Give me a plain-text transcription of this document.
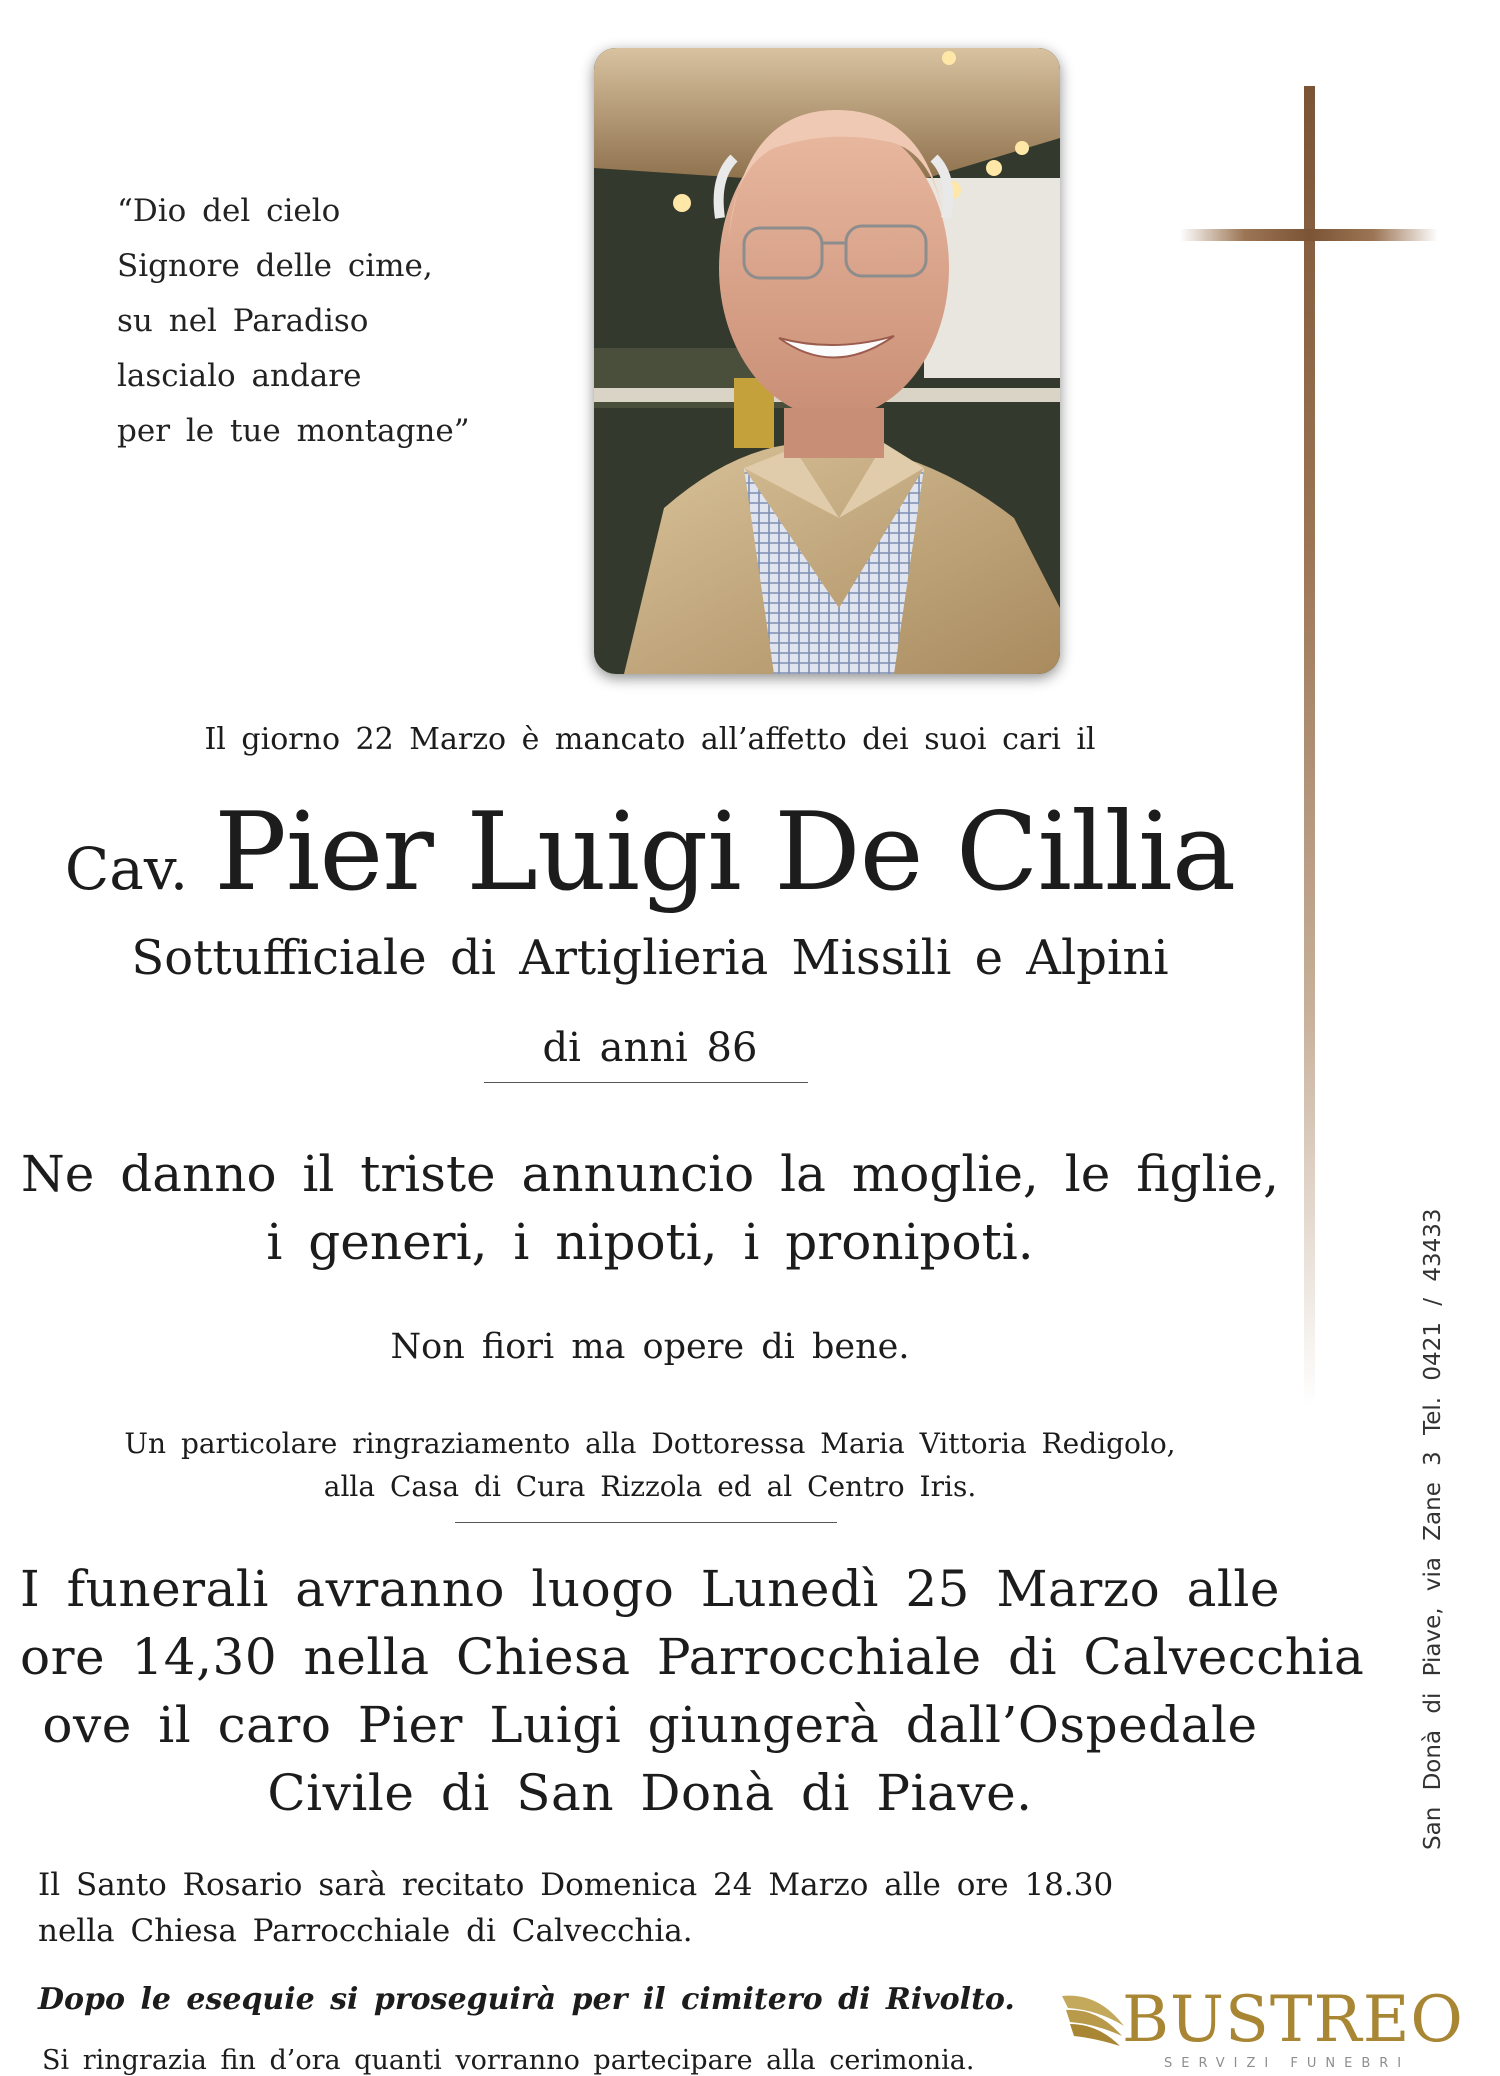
“Dio del cielo
Signore delle cime,
su nel Paradiso
lascialo andare
per le tue montagne”
Il giorno 22 Marzo è mancato all’affetto dei suoi cari il
Cav. Pier Luigi De Cillia
Sottufficiale di Artiglieria Missili e Alpini
di anni 86
Ne danno il triste annuncio la moglie, le figlie,
i generi, i nipoti, i pronipoti.
Non fiori ma opere di bene.
Un particolare ringraziamento alla Dottoressa Maria Vittoria Redigolo,
alla Casa di Cura Rizzola ed al Centro Iris.
I funerali avranno luogo Lunedì 25 Marzo alle
ore 14,30 nella Chiesa Parrocchiale di Calvecchia
ove il caro Pier Luigi giungerà dall’Ospedale
Civile di San Donà di Piave.
Il Santo Rosario sarà recitato Domenica 24 Marzo alle ore 18.30
nella Chiesa Parrocchiale di Calvecchia.
Dopo le esequie si proseguirà per il cimitero di Rivolto.
Si ringrazia fin d’ora quanti vorranno partecipare alla cerimonia.
San Donà di Piave, via Zane 3 Tel. 0421 / 43433
BUSTREO
SERVIZI FUNEBRI
